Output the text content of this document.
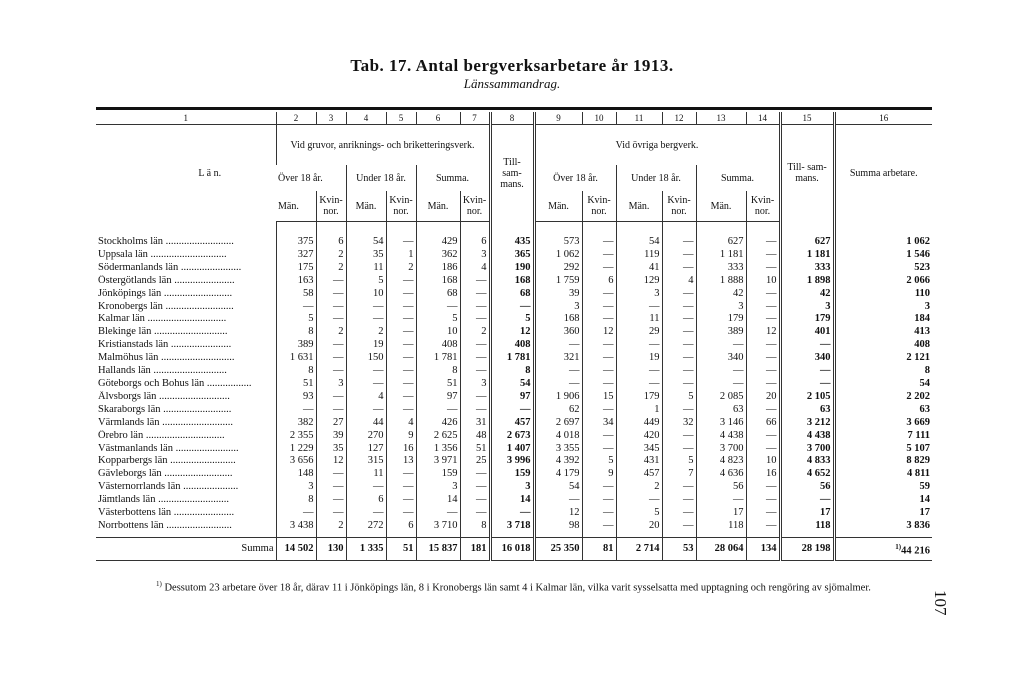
Tab. 17. Antal bergverksarbetare år 1913.
Länssammandrag.
1	2	3	4	5	6	7	8	9	10	11	12	13	14	15	16
L ä n.	Vid gruvor, anriknings- och briketteringsverk.						Till- sam- mans.	Vid övriga bergverk.						Till- sam- mans.	Summa arbetare.
	Över 18 år.		Under 18 år.		Summa.			Över 18 år.		Under 18 år.		Summa.			
	Män.	Kvin- nor.	Män.	Kvin- nor.	Män.	Kvin- nor.		Män.	Kvin- nor.	Män.	Kvin- nor.	Män.	Kvin- nor.		

Stockholms län ..........................	375	6	54	—	429	6	435	573	—	54	—	627	—	627	1 062
Uppsala län .............................	327	2	35	1	362	3	365	1 062	—	119	—	1 181	—	1 181	1 546
Södermanlands län .......................	175	2	11	2	186	4	190	292	—	41	—	333	—	333	523
Östergötlands län .......................	163	—	5	—	168	—	168	1 759	6	129	4	1 888	10	1 898	2 066
Jönköpings län ..........................	58	—	10	—	68	—	68	39	—	3	—	42	—	42	110
Kronobergs län ..........................	—	—	—	—	—	—	—	3	—	—	—	3	—	3	3
Kalmar län ..............................	5	—	—	—	5	—	5	168	—	11	—	179	—	179	184
Blekinge län ............................	8	2	2	—	10	2	12	360	12	29	—	389	12	401	413
Kristianstads län .......................	389	—	19	—	408	—	408	—	—	—	—	—	—	—	408
Malmöhus län ............................	1 631	—	150	—	1 781	—	1 781	321	—	19	—	340	—	340	2 121
Hallands län ............................	8	—	—	—	8	—	8	—	—	—	—	—	—	—	8
Göteborgs och Bohus län .................	51	3	—	—	51	3	54	—	—	—	—	—	—	—	54
Älvsborgs län ...........................	93	—	4	—	97	—	97	1 906	15	179	5	2 085	20	2 105	2 202
Skaraborgs län ..........................	—	—	—	—	—	—	—	62	—	1	—	63	—	63	63
Värmlands län ...........................	382	27	44	4	426	31	457	2 697	34	449	32	3 146	66	3 212	3 669
Örebro län ..............................	2 355	39	270	9	2 625	48	2 673	4 018	—	420	—	4 438	—	4 438	7 111
Västmanlands län ........................	1 229	35	127	16	1 356	51	1 407	3 355	—	345	—	3 700	—	3 700	5 107
Kopparbergs län .........................	3 656	12	315	13	3 971	25	3 996	4 392	5	431	5	4 823	10	4 833	8 829
Gävleborgs län ..........................	148	—	11	—	159	—	159	4 179	9	457	7	4 636	16	4 652	4 811
Västernorrlands län .....................	3	—	—	—	3	—	3	54	—	2	—	56	—	56	59
Jämtlands län ...........................	8	—	6	—	14	—	14	—	—	—	—	—	—	—	14
Västerbottens län .......................	—	—	—	—	—	—	—	12	—	5	—	17	—	17	17
Norrbottens län .........................	3 438	2	272	6	3 710	8	3 718	98	—	20	—	118	—	118	3 836

Summa	14 502	130	1 335	51	15 837	181	16 018	25 350	81	2 714	53	28 064	134	28 198	$^{1)}$44 216
$^{1)}$ Dessutom 23 arbetare över 18 år, därav 11 i Jönköpings län, 8 i Kronobergs län samt 4 i Kalmar län, vilka varit sysselsatta med upptagning och rengöring av sjömalmer.
107
